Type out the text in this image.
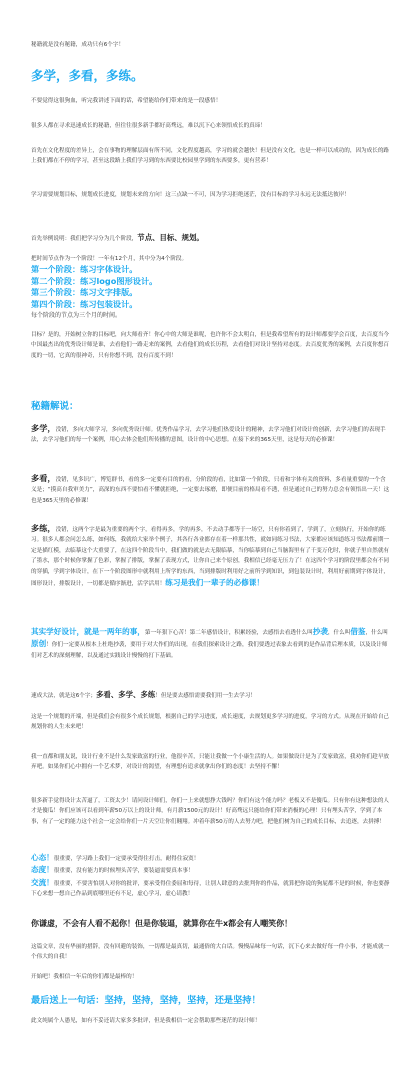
秘籍就是没有秘籍，成功只有6个字！

多学，多看，多练。

不要觉得这很狗血，听完我讲述下面的话，希望能给你们带来的是一段感悟！

很多人都在寻求迅速成长的秘籍，但往往很多新手都好高骛远，难以沉下心来领悟成长的真谛！

首先在文化程度的差异上，会在事物的理解层面有所不同，文化程度越高，学习的就会越快！但是没有文化，也是一样可以成功的，因为成长的路上我们都在不停的学习，甚至这段路上我们学习到的东西要比校园里学到的东西要多，更有营养！

学习需要规划目标，规划成长进度，规划未来的方向！这三点缺一不可，因为学习拒绝迷茫，没有目标的学习永远无法抵达彼岸！

首先举例说明：我们把学习分为几个阶段，节点、目标、规划。

把时间节点作为一个阶段！一年有12个月，其中分为4个阶段。

第一个阶段：练习字体设计。
第二个阶段：练习logo图形设计。
第三个阶段：练习文字排版。
第四个阶段：练习包装设计。
每个阶段的节点为三个月的时间。

目标？是的，开始树立你的目标吧，向大师看齐！你心中的大师是谁呢，也许你不会太明白，但是我希望所有的设计师都要学会百度，去百度当今中国最杰出的优秀设计师是谁，去看他们一路走来的案例，去看他们的成长历程，去看他们对设计坚持对态度。去百度优秀的案例，去百度你想百度的一切，它真的很神奇，只有你想不到，没有百度不到！

秘籍解说：

多学，没错，多向大师学习，多向优秀设计师。优秀作品学习，去学习他们热爱设计的精神，去学习他们对设计的创新，去学习他们的表现手法，去学习他们的每一个案例，用心去体会他们所传播的意图，设计的中心思想。在接下来的365天里，这是每天的必修课！

多看，没错，见多识广，博览群书，看的多一定要有目的的看，分阶段的看，比如第一个阶段，只看和字体有关的资料，多看量重要的一个含义是；“摸高自我审美力”，高深的东西不要怕看不懂就拒绝，一定要去琢磨，即便目前的格局看不透，但是通过自己的努力总会有领悟出一天！这也是365天里的必修课！

多练，没错，这两个字是最为重要的两个字，看得再多，学的再多，不去动手都等于一场空，只有你着到了，学到了，立刻执行，开始你的练习。很多人都会问怎么练，如何练，我就给大家举个例子，其各行各业都存在着一样那共性，就如同练习书法，大家都应该知道练习书法都前期一定是描红模，去临摹这个大重要了，在这四个阶段当中，我们做的就是去无限临摹，当你临摹到自己当脑海里有了千变万化时，你就子里自然就有了墨水，那个时候你掌握了色彩，掌握了排版，掌握了表现方式，让你自己来个原创，我相信已经毫无压力了！在这四个学习的阶段里都会有不同的穿插，学到字体设计，在下一个阶段图形中就利用上所学的东西，当到排版时利用好之前所学到知识，到包装设计时，利用好前期到字体设计，图形设计，排版设计，一切都是循序渐进，活学活用！练习是我们一辈子的必修课！

其实学好设计，就是一两年的事，第一年狠下心苦！第二年感悟设计，积累经验，去感悟去看透什么叫抄袭，什么叫借鉴，什么叫原创！你们一定要从根本上杜绝抄袭，要用于对大作们的出现，在我们探索设计之路，我们要透过表象去看到的是作品背后理本质，以及设计师们对艺术的深刻理解，以及通过实践设计慢慢的打下基础。

速成大法，就是这6个字；多看、多学、多练！但是要去感悟需要我们用一生去学习！

这是一个规划的开端，但是我们会有很多个成长规划，根据自己的学习进度，成长速度，去规划更多学习的进度，学习的方式。从现在开始给自己规划你的人生未来吧！

我一直都和朋友说，设计行业不是什么发家致富的行业，他很辛苦，只能让我做一个小康生活的人。如果做设计是为了发家致富，我劝你们趁早放弃吧。如果你们心中拥有一个艺术梦，对设计的渴望，有理想有追求就拿出你们的态度！去坚持不懈！

很多新手觉得设计太苦逼了，工资太少！请问设计师们，你们一上来就想挣大钱吗？你们有这个能力吗？老板又不是傻瓜。只有你有这种想法的人才是傻瓜！你们应该可以看到年薪50万以上的设计师，有月薪1500元的设计！好高骛远只能给你们带来消极的心理！只有埋头苦学，学到了本事，有了一定的能力这个社会一定会给你们一片天空让你们翱翔。冲着年薪50万的人去努力吧，把他们树为自己的成长目标，去追逐，去拼搏！

心态！很重要，学习路上我们一定要承受得住打击，耐得住寂寞！
态度！很重要，没有能力的时候埋头苦学，要装逼需要真本事！
交流！很重要，不要害怕别人对你的批评，要承受得住委屈和每待，让别人肆意的去批判你的作品，就算把你说的狗屁都不是的时候，你也要静下心来想一想自己作品到底哪里还有不足，虚心学习，虚心请教！

你谦虚，不会有人看不起你！但是你装逼，就算你在牛x都会有人嘲笑你！

这篇文章，没有华丽的措辞，没有回避的装饰，一切都是最真切，最通俗的大白话。慢慢品味每一句话，沉下心来去做好每一件小事，才能成就一个伟大的自我！

开始吧！我相信一年后的你们都是最棒的！

最后送上一句话：坚持，坚持，坚持，坚持，还是坚持！

此文纯属个人愚见，如有不妥还请大家多多批评，但是我相信一定会帮助那些迷茫的设计师！
